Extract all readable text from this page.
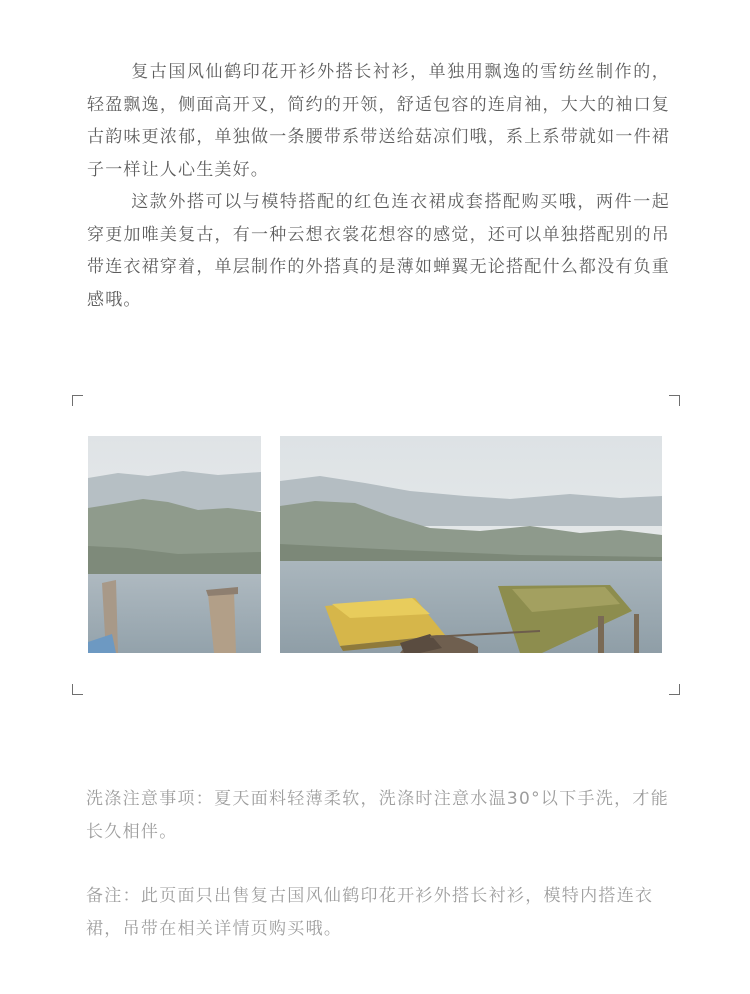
复古国风仙鹤印花开衫外搭长衬衫，单独用飘逸的雪纺丝制作的，轻盈飘逸，侧面高开叉，简约的开领，舒适包容的连肩袖，大大的袖口复古韵味更浓郁，单独做一条腰带系带送给菇凉们哦，系上系带就如一件裙子一样让人心生美好。

这款外搭可以与模特搭配的红色连衣裙成套搭配购买哦，两件一起穿更加唯美复古，有一种云想衣裳花想容的感觉，还可以单独搭配别的吊带连衣裙穿着，单层制作的外搭真的是薄如蝉翼无论搭配什么都没有负重感哦。

洗涤注意事项：夏天面料轻薄柔软，洗涤时注意水温30°以下手洗，才能长久相伴。

备注：此页面只出售复古国风仙鹤印花开衫外搭长衬衫，模特内搭连衣裙，吊带在相关详情页购买哦。
